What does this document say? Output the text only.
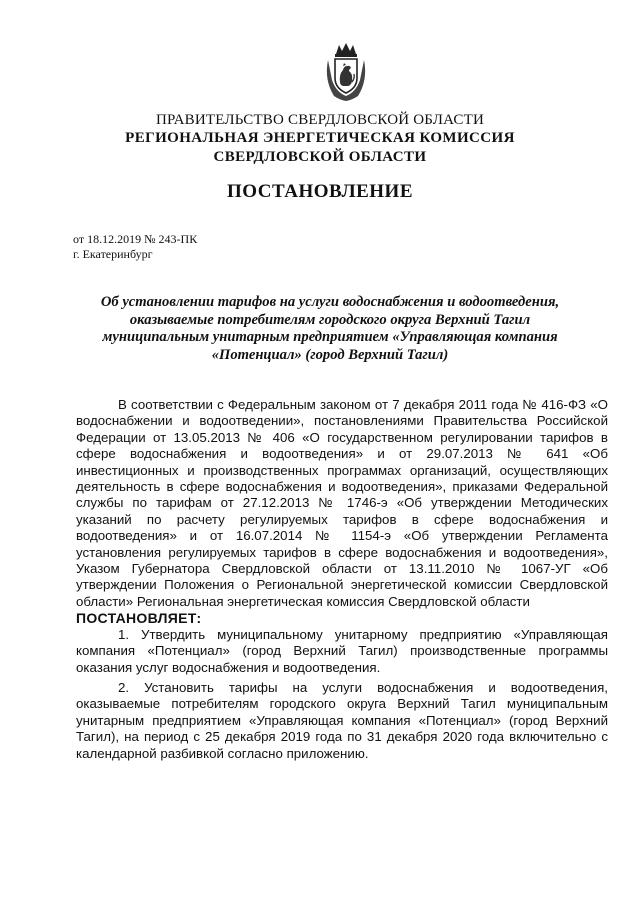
ПРАВИТЕЛЬСТВО СВЕРДЛОВСКОЙ ОБЛАСТИ
РЕГИОНАЛЬНАЯ ЭНЕРГЕТИЧЕСКАЯ КОМИССИЯ
СВЕРДЛОВСКОЙ ОБЛАСТИ
ПОСТАНОВЛЕНИЕ
от 18.12.2019 № 243-ПК
г. Екатеринбург
Об установлении тарифов на услуги водоснабжения и водоотведения, оказываемые потребителям городского округа Верхний Тагил муниципальным унитарным предприятием «Управляющая компания «Потенциал» (город Верхний Тагил)

В соответствии с Федеральным законом от 7 декабря 2011 года № 416-ФЗ «О водоснабжении и водоотведении», постановлениями Правительства Российской Федерации от 13.05.2013 № 406 «О государственном регулировании тарифов в сфере водоснабжения и водоотведения» и от 29.07.2013 № 641 «Об инвестиционных и производственных программах организаций, осуществляющих деятельность в сфере водоснабжения и водоотведения», приказами Федеральной службы по тарифам от 27.12.2013 № 1746-э «Об утверждении Методических указаний по расчету регулируемых тарифов в сфере водоснабжения и водоотведения» и от 16.07.2014 № 1154-э «Об утверждении Регламента установления регулируемых тарифов в сфере водоснабжения и водоотведения», Указом Губернатора Свердловской области от 13.11.2010 № 1067-УГ «Об утверждении Положения о Региональной энергетической комиссии Свердловской области» Региональная энергетическая комиссия Свердловской области

ПОСТАНОВЛЯЕТ:

1. Утвердить муниципальному унитарному предприятию «Управляющая компания «Потенциал» (город Верхний Тагил) производственные программы оказания услуг водоснабжения и водоотведения.

2. Установить тарифы на услуги водоснабжения и водоотведения, оказываемые потребителям городского округа Верхний Тагил муниципальным унитарным предприятием «Управляющая компания «Потенциал» (город Верхний Тагил), на период с 25 декабря 2019 года по 31 декабря 2020 года включительно с календарной разбивкой согласно приложению.
